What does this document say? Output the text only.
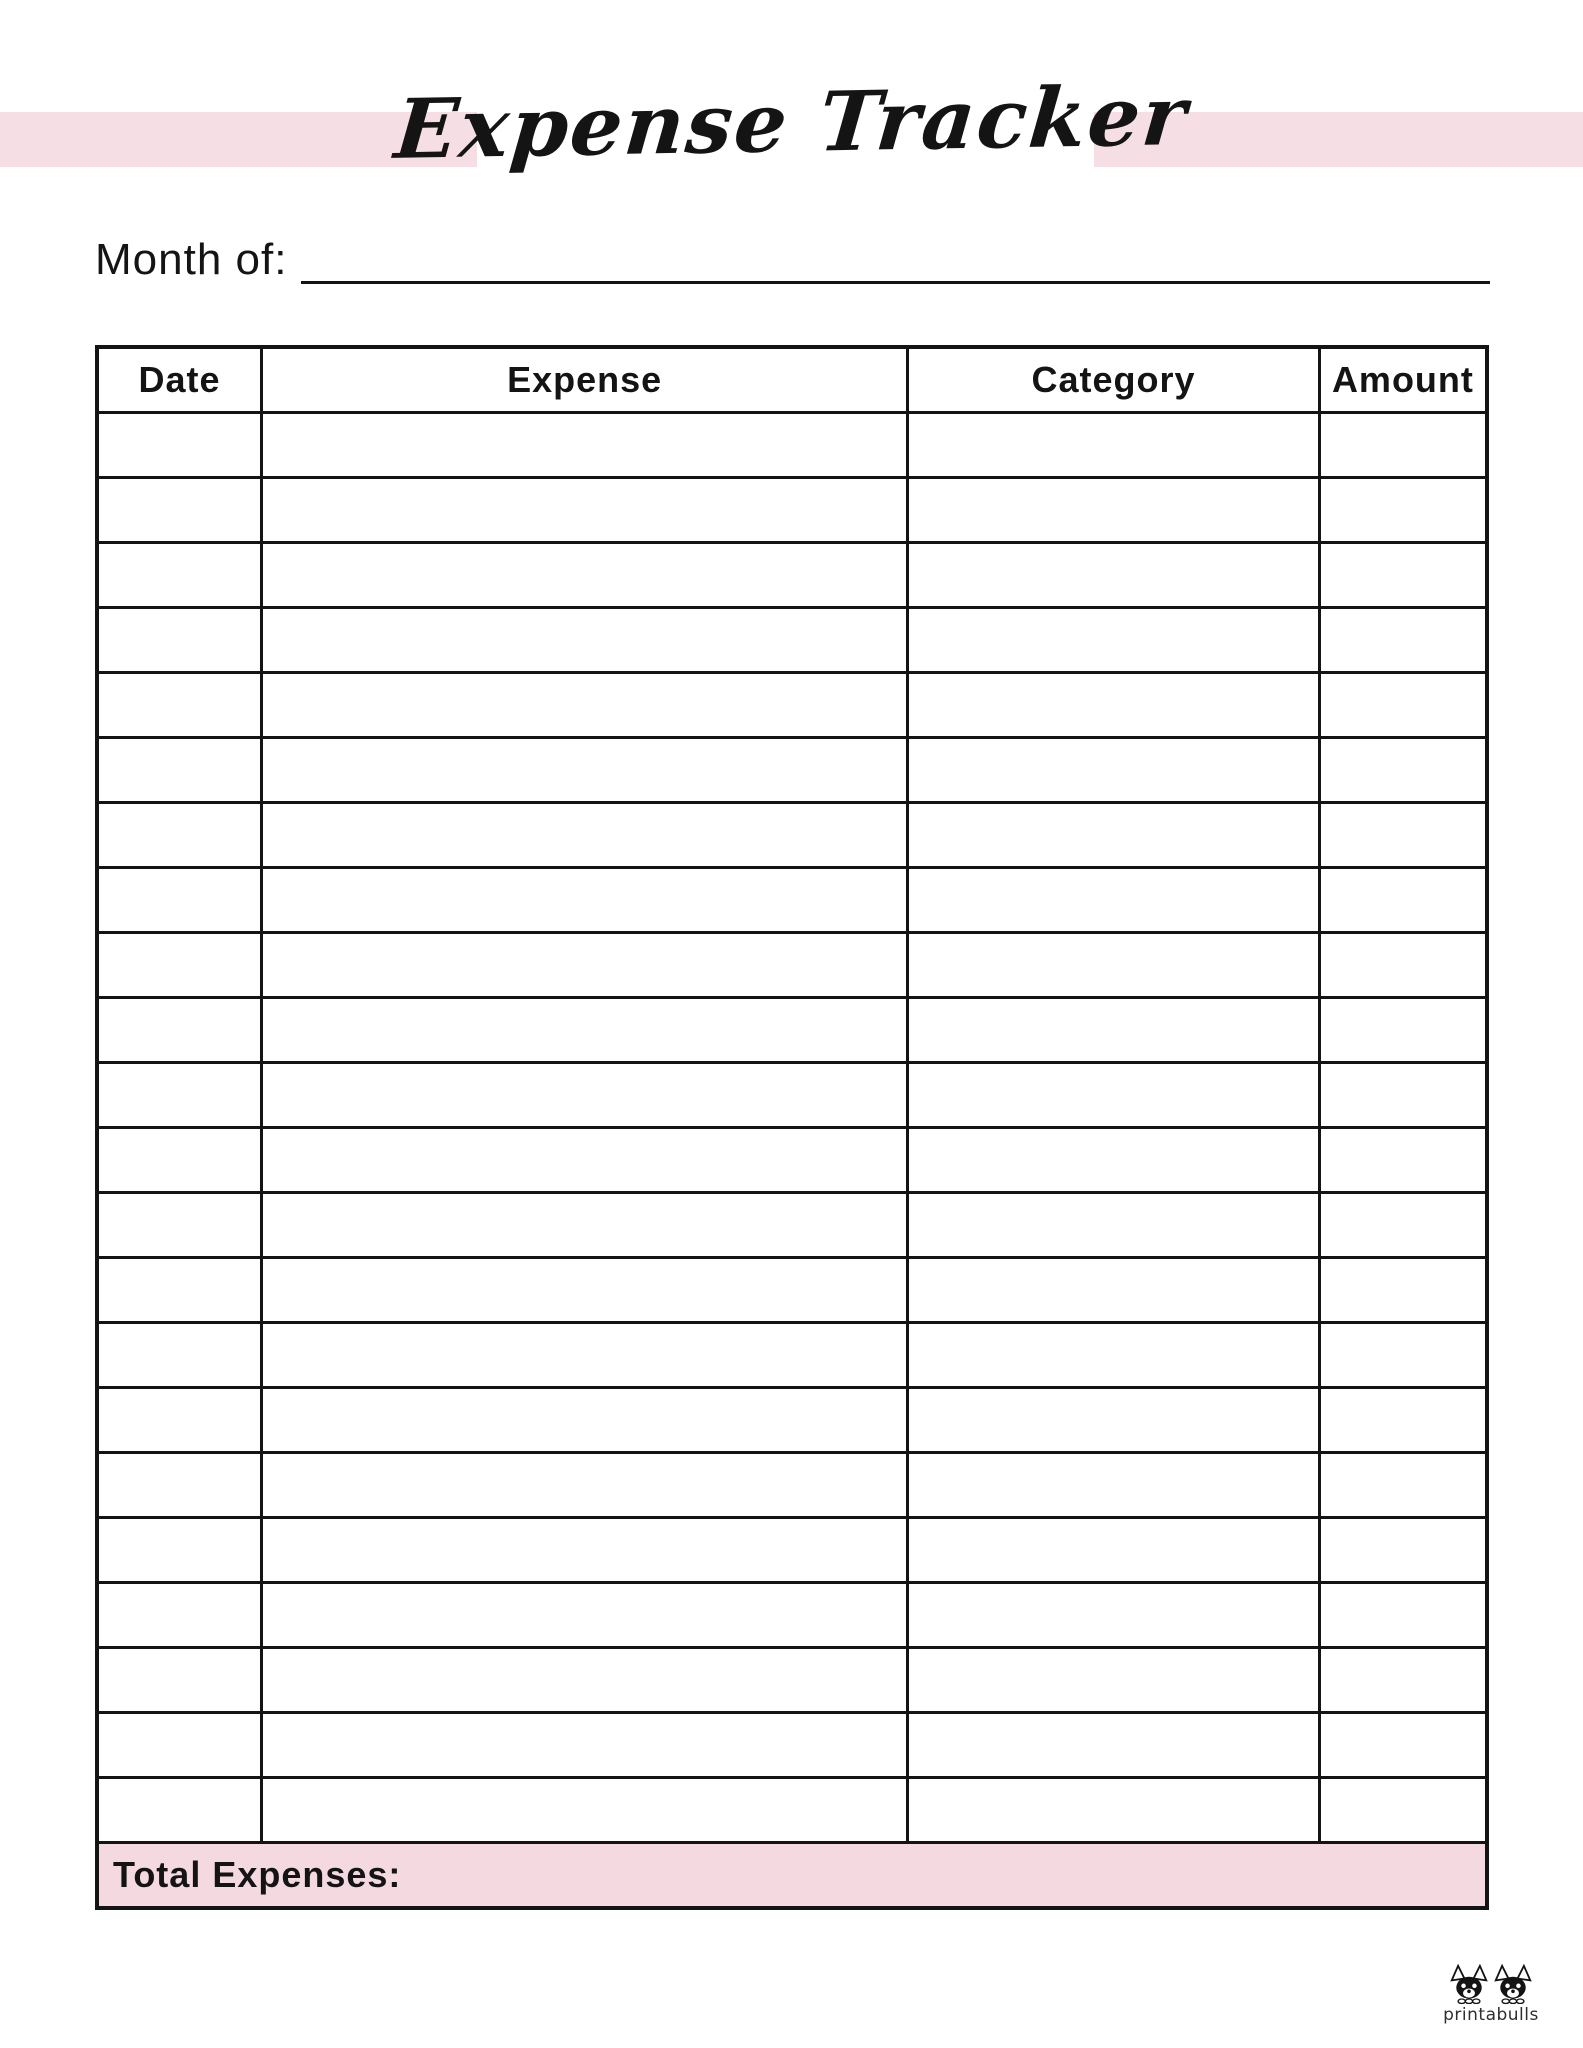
Expense Tracker
Month of:
Date	Expense	Category	Amount

Total Expenses:			
printabulls
